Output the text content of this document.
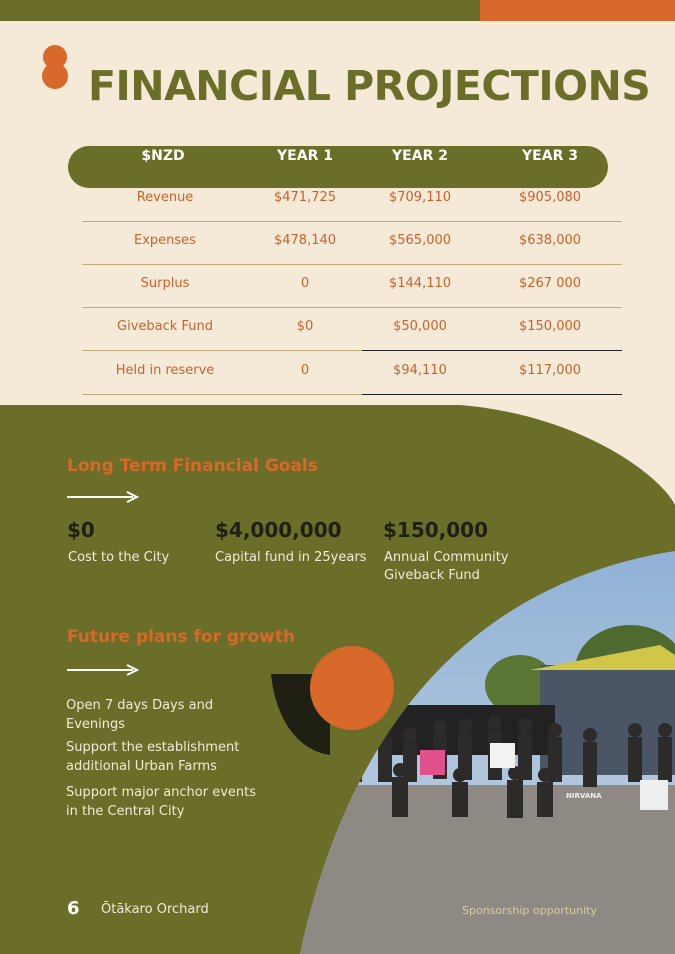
FINANCIAL PROJECTIONS
$NZD	YEAR 1	YEAR 2	YEAR 3
Revenue	$471,725	$709,110	$905,080
Expenses	$478,140	$565,000	$638,000
Surplus	0	$144,110	$267 000
Giveback Fund	$0	$50,000	$150,000
Held in reserve	0	$94,110	$117,000
Long Term Financial Goals
$0
Cost to the City
$4,000,000
Capital fund in 25years
$150,000
Annual Community
Giveback Fund
Future plans for growth
Open 7 days Days and
Evenings
Support the establishment
additional Urban Farms
Support major anchor events
in the Central City
NIRVANA
6 Ōtākaro Orchard	Sponsorship opportunity
